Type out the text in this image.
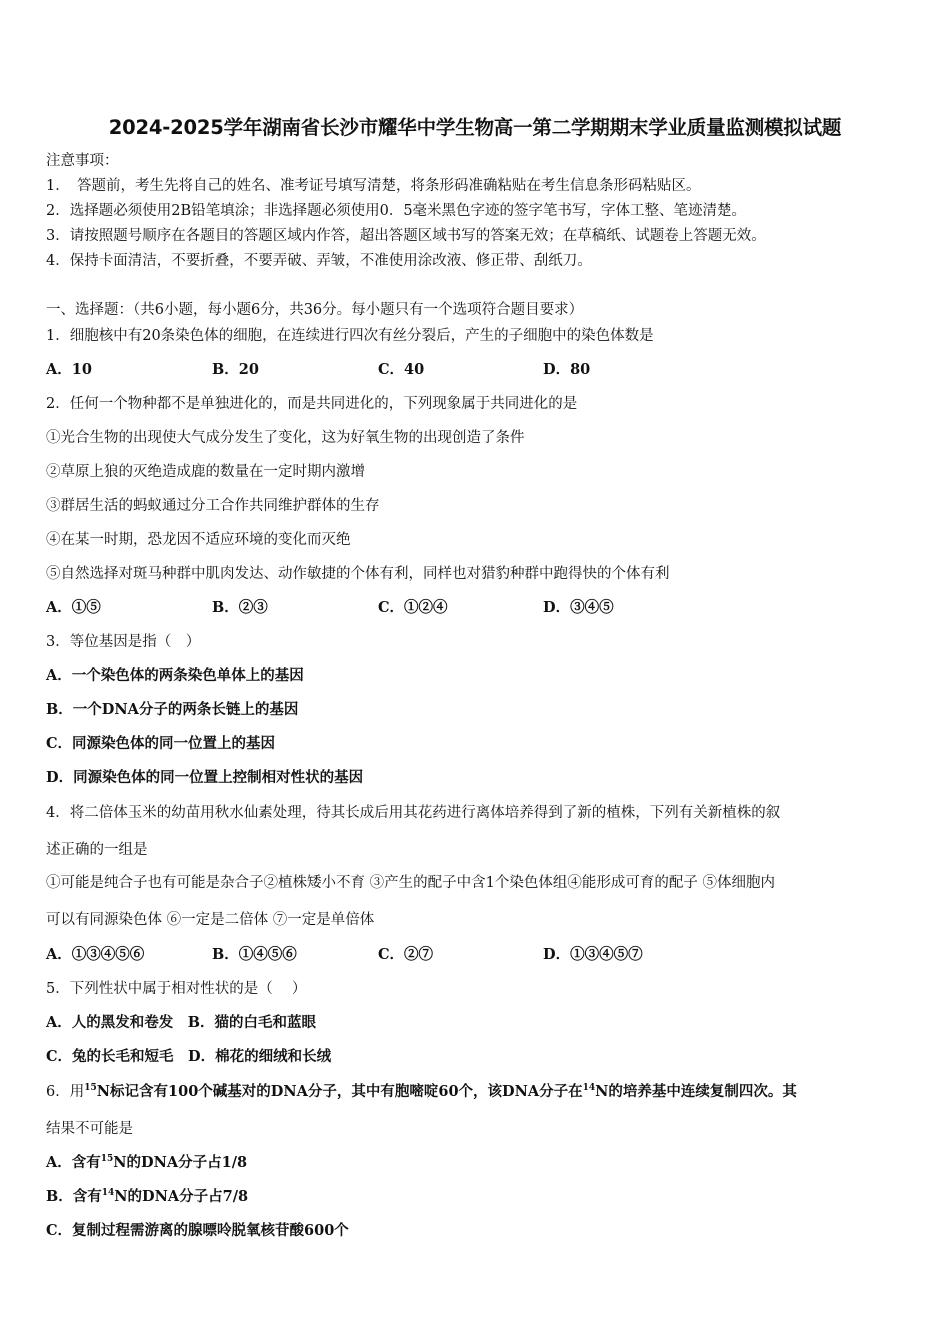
2024-2025学年湖南省长沙市耀华中学生物高一第二学期期末学业质量监测模拟试题
注意事项：
1．　答题前，考生先将自己的姓名、准考证号填写清楚，将条形码准确粘贴在考生信息条形码粘贴区。
2．选择题必须使用2B铅笔填涂；非选择题必须使用0．5毫米黑色字迹的签字笔书写，字体工整、笔迹清楚。
3．请按照题号顺序在各题目的答题区域内作答，超出答题区域书写的答案无效；在草稿纸、试题卷上答题无效。
4．保持卡面清洁，不要折叠，不要弄破、弄皱，不准使用涂改液、修正带、刮纸刀。
一、选择题：（共6小题，每小题6分，共36分。每小题只有一个选项符合题目要求）
1．细胞核中有20条染色体的细胞，在连续进行四次有丝分裂后，产生的子细胞中的染色体数是
A．10	B．20	C．40	D．80
2．任何一个物种都不是单独进化的，而是共同进化的，下列现象属于共同进化的是
①光合生物的出现使大气成分发生了变化，这为好氧生物的出现创造了条件
②草原上狼的灭绝造成鹿的数量在一定时期内激增
③群居生活的蚂蚁通过分工合作共同维护群体的生存
④在某一时期，恐龙因不适应环境的变化而灭绝
⑤自然选择对斑马种群中肌肉发达、动作敏捷的个体有利，同样也对猎豹种群中跑得快的个体有利
A．①⑤	B．②③	C．①②④	D．③④⑤
3．等位基因是指（　）
A．一个染色体的两条染色单体上的基因
B．一个DNA分子的两条长链上的基因
C．同源染色体的同一位置上的基因
D．同源染色体的同一位置上控制相对性状的基因
4．将二倍体玉米的幼苗用秋水仙素处理，待其长成后用其花药进行离体培养得到了新的植株，下列有关新植株的叙
述正确的一组是
①可能是纯合子也有可能是杂合子②植株矮小不育 ③产生的配子中含1个染色体组④能形成可育的配子 ⑤体细胞内
可以有同源染色体 ⑥一定是二倍体 ⑦一定是单倍体
A．①③④⑤⑥	B．①④⑤⑥	C．②⑦	D．①③④⑤⑦
5．下列性状中属于相对性状的是（　 ）
A．人的黑发和卷发　B．猫的白毛和蓝眼
C．兔的长毛和短毛　D．棉花的细绒和长绒
6．用$^{15}$N标记含有100个碱基对的DNA分子，其中有胞嘧啶60个，该DNA分子在$^{14}$N的培养基中连续复制四次。其
结果不可能是
A．含有$^{15}$N的DNA分子占1/8
B．含有$^{14}$N的DNA分子占7/8
C．复制过程需游离的腺嘌呤脱氧核苷酸600个
